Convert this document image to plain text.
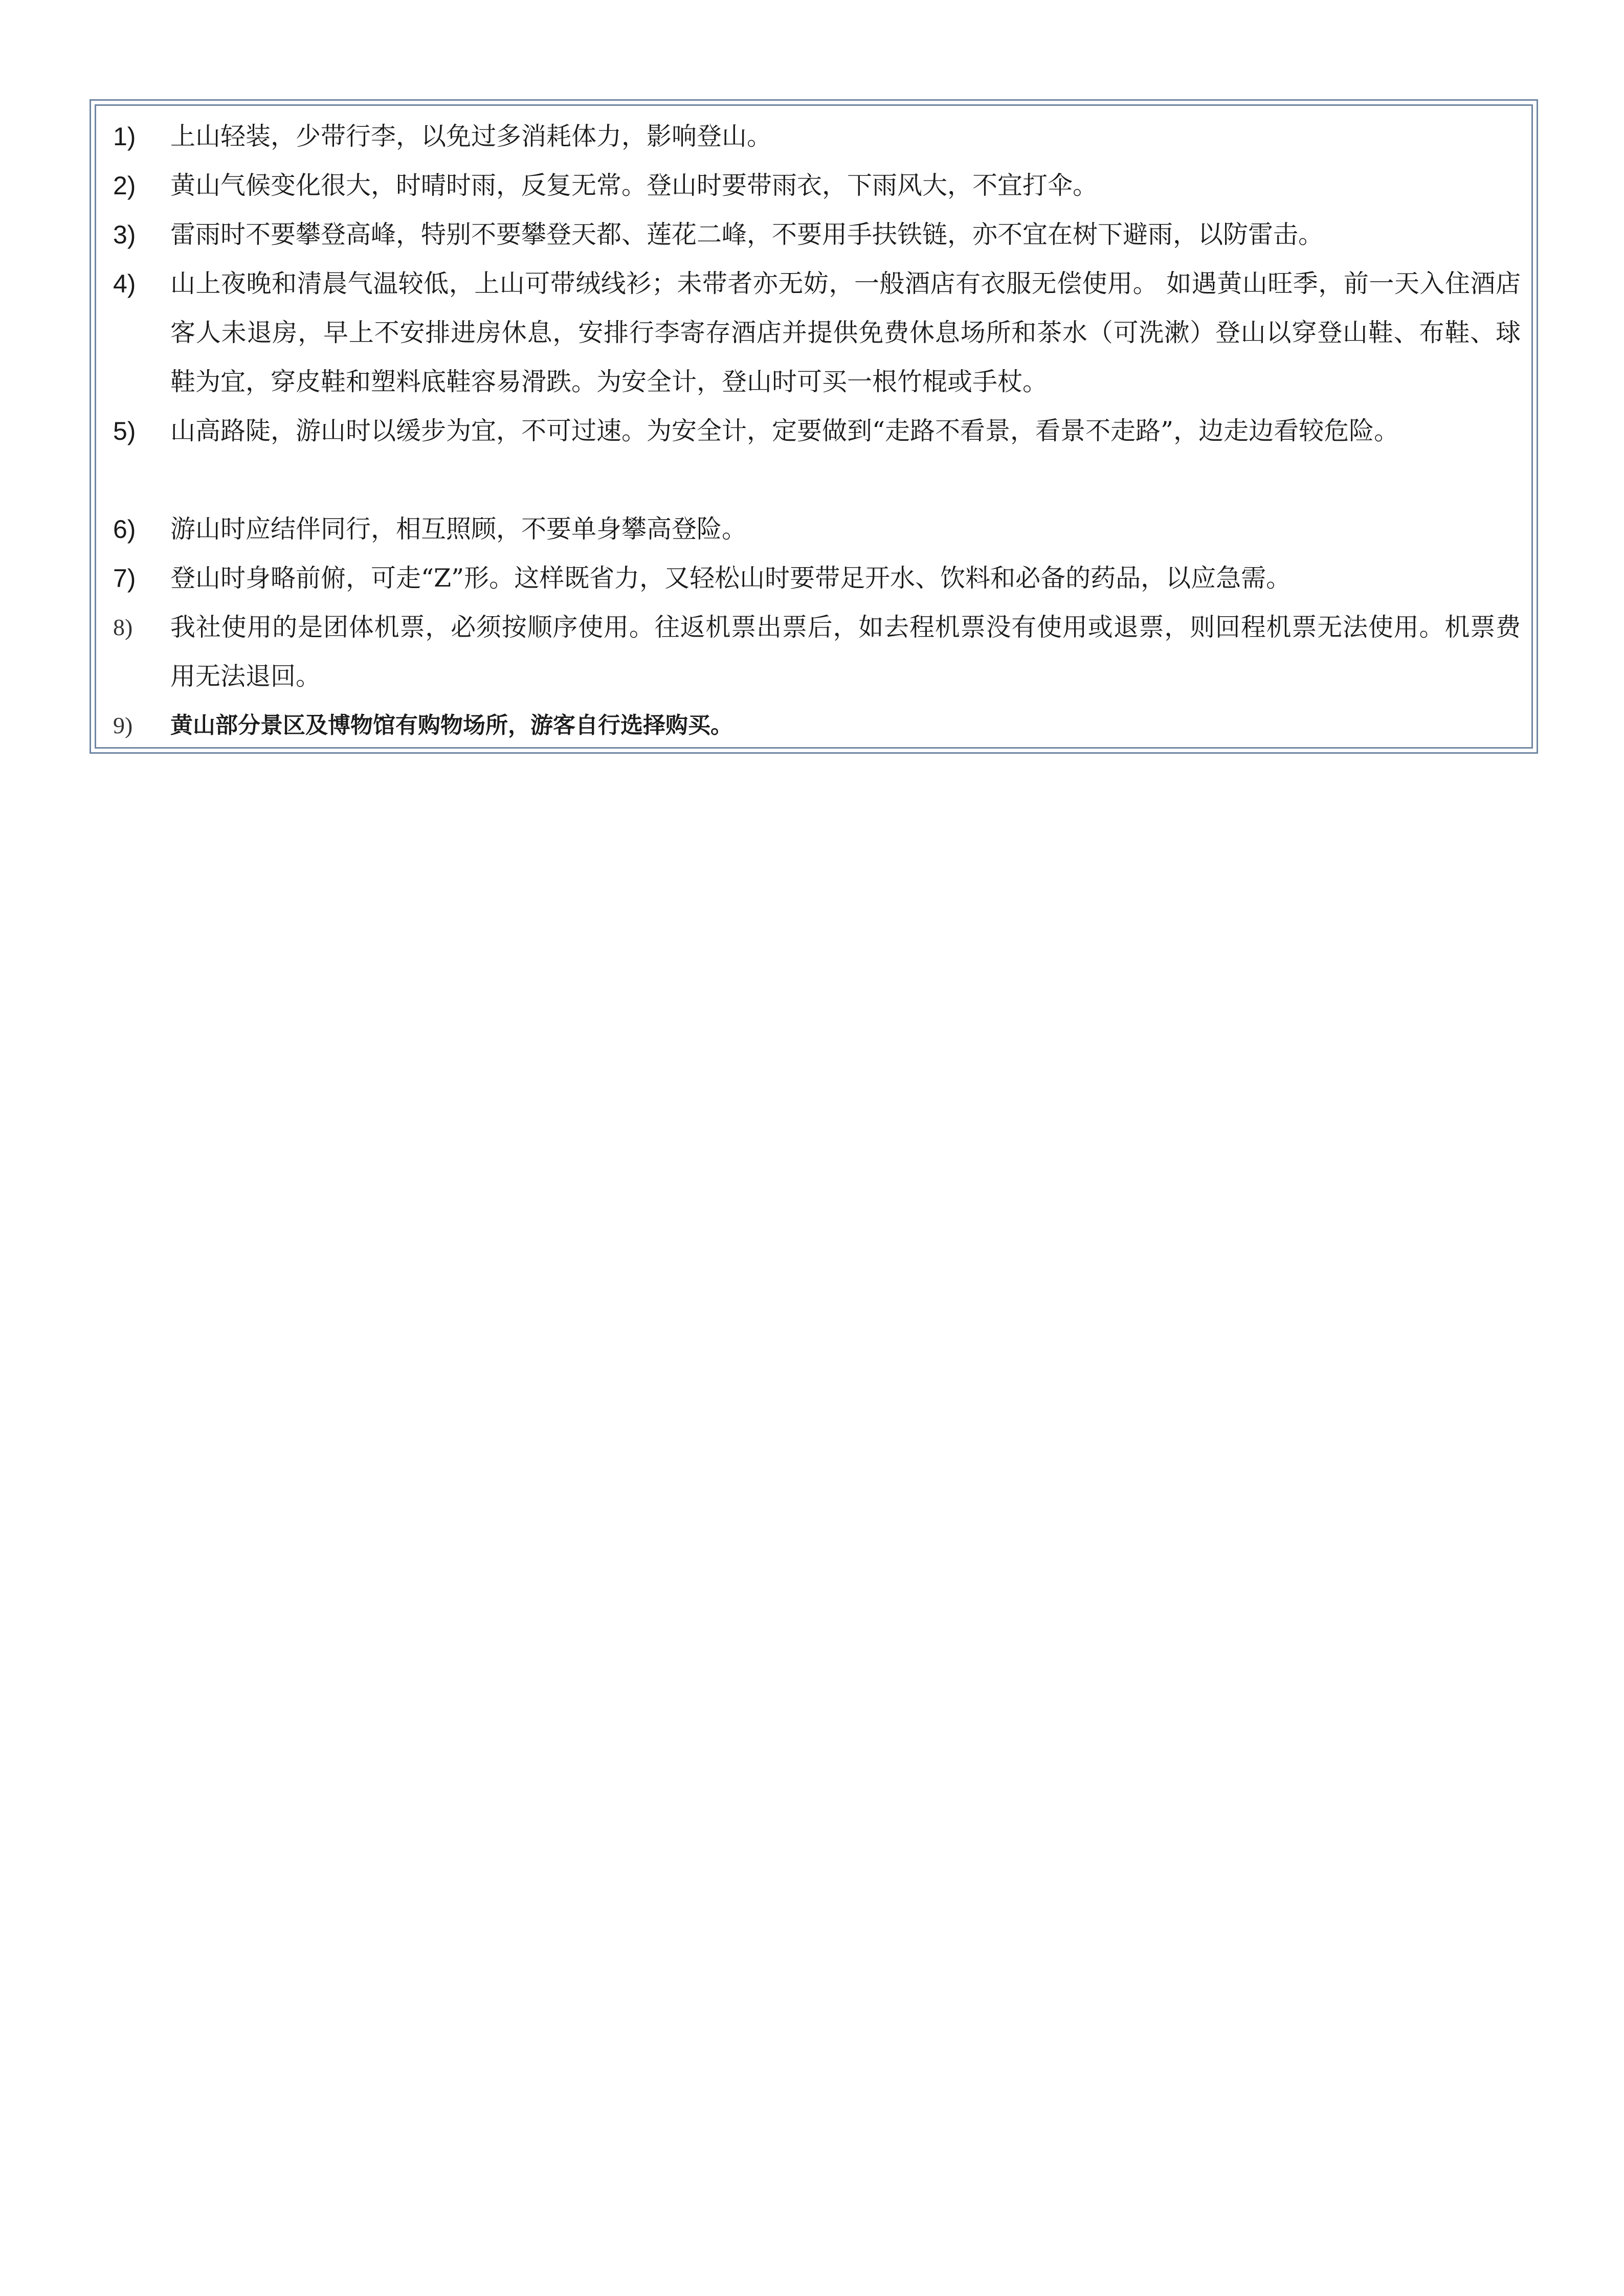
1) 上山轻装，少带行李，以免过多消耗体力，影响登山。
2) 黄山气候变化很大，时晴时雨，反复无常。登山时要带雨衣，下雨风大，不宜打伞。
3) 雷雨时不要攀登高峰，特别不要攀登天都、莲花二峰，不要用手扶铁链，亦不宜在树下避雨，以防雷击。
4) 山上夜晚和清晨气温较低，上山可带绒线衫；未带者亦无妨，一般酒店有衣服无偿使用。 如遇黄山旺季，前一天入住酒店客人未退房，早上不安排进房休息，安排行李寄存酒店并提供免费休息场所和茶水（可洗漱）登山以穿登山鞋、布鞋、球鞋为宜，穿皮鞋和塑料底鞋容易滑跌。为安全计，登山时可买一根竹棍或手杖。
5) 山高路陡，游山时以缓步为宜，不可过速。为安全计，定要做到“走路不看景，看景不走路”，边走边看较危险。
6) 游山时应结伴同行，相互照顾，不要单身攀高登险。
7) 登山时身略前俯，可走“Z”形。这样既省力，又轻松山时要带足开水、饮料和必备的药品，以应急需。
8) 我社使用的是团体机票，必须按顺序使用。往返机票出票后，如去程机票没有使用或退票，则回程机票无法使用。机票费用无法退回。
9) 黄山部分景区及博物馆有购物场所，游客自行选择购买。
